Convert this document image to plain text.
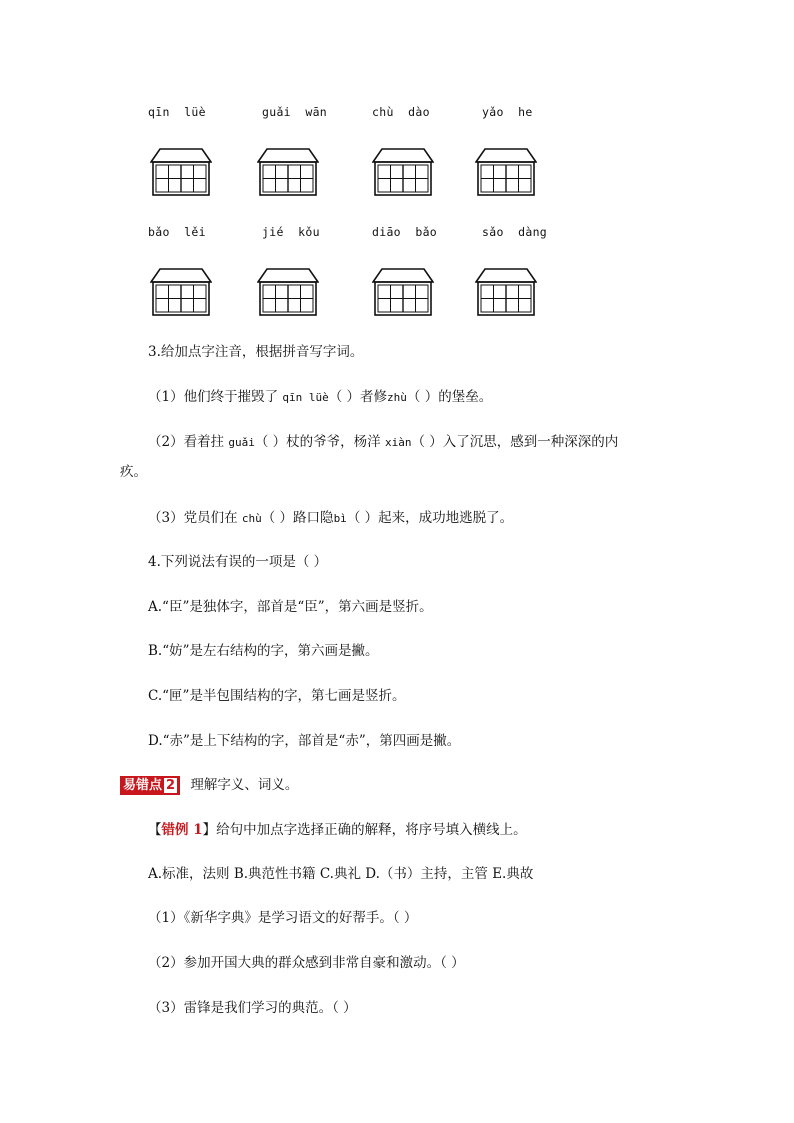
qīn  lüè	guǎi  wān	chù  dào	yǎo  he
bǎo  lěi	jié  kǒu	diāo  bǎo	sǎo  dàng
3.给加点字注音，根据拼音写字词。
（1）他们终于摧毁了 qīn lüè（ ）者修zhù（ ）的堡垒。
（2）看着拄 guǎi（ ）杖的爷爷，杨洋 xiàn（ ）入了沉思，感到一种深深的内
疚。
（3）党员们在 chù（ ）路口隐bì（ ）起来，成功地逃脱了。
4.下列说法有误的一项是（ ）
A.“臣”是独体字，部首是“臣”，第六画是竖折。
B.“妨”是左右结构的字，第六画是撇。
C.“匣”是半包围结构的字，第七画是竖折。
D.“赤”是上下结构的字，部首是“赤”，第四画是撇。
易错点 2 理解字义、词义。
【错例 1】给句中加点字选择正确的解释，将序号填入横线上。
A.标准，法则 B.典范性书籍 C.典礼 D.（书）主持，主管 E.典故
（1）《新华字典》是学习语文的好帮手。（ ）
（2）参加开国大典的群众感到非常自豪和激动。（ ）
（3）雷锋是我们学习的典范。（ ）
